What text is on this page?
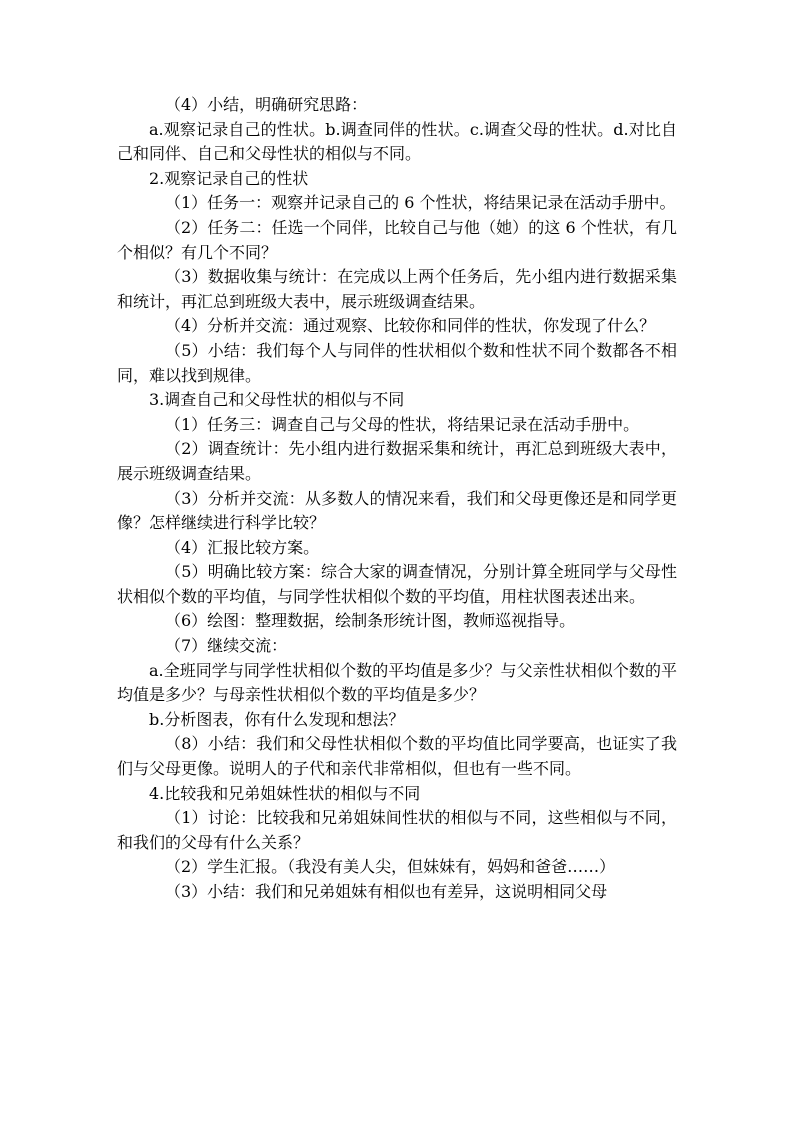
（4）小结，明确研究思路：

a.观察记录自己的性状。b.调查同伴的性状。c.调查父母的性状。d.对比自己和同伴、自己和父母性状的相似与不同。

2.观察记录自己的性状

（1）任务一：观察并记录自己的 6 个性状，将结果记录在活动手册中。

（2）任务二：任选一个同伴，比较自己与他（她）的这 6 个性状，有几个相似？有几个不同？

（3）数据收集与统计：在完成以上两个任务后，先小组内进行数据采集和统计，再汇总到班级大表中，展示班级调查结果。

（4）分析并交流：通过观察、比较你和同伴的性状，你发现了什么？

（5）小结：我们每个人与同伴的性状相似个数和性状不同个数都各不相同，难以找到规律。

3.调查自己和父母性状的相似与不同

（1）任务三：调查自己与父母的性状，将结果记录在活动手册中。

（2）调查统计：先小组内进行数据采集和统计，再汇总到班级大表中，展示班级调查结果。

（3）分析并交流：从多数人的情况来看，我们和父母更像还是和同学更像？怎样继续进行科学比较？

（4）汇报比较方案。

（5）明确比较方案：综合大家的调查情况，分别计算全班同学与父母性状相似个数的平均值，与同学性状相似个数的平均值，用柱状图表述出来。

（6）绘图：整理数据，绘制条形统计图，教师巡视指导。

（7）继续交流：

a.全班同学与同学性状相似个数的平均值是多少？与父亲性状相似个数的平均值是多少？与母亲性状相似个数的平均值是多少？

b.分析图表，你有什么发现和想法？

（8）小结：我们和父母性状相似个数的平均值比同学要高，也证实了我们与父母更像。说明人的子代和亲代非常相似，但也有一些不同。

4.比较我和兄弟姐妹性状的相似与不同

（1）讨论：比较我和兄弟姐妹间性状的相似与不同，这些相似与不同，和我们的父母有什么关系？

（2）学生汇报。（我没有美人尖，但妹妹有，妈妈和爸爸……）

（3）小结：我们和兄弟姐妹有相似也有差异，这说明相同父母
